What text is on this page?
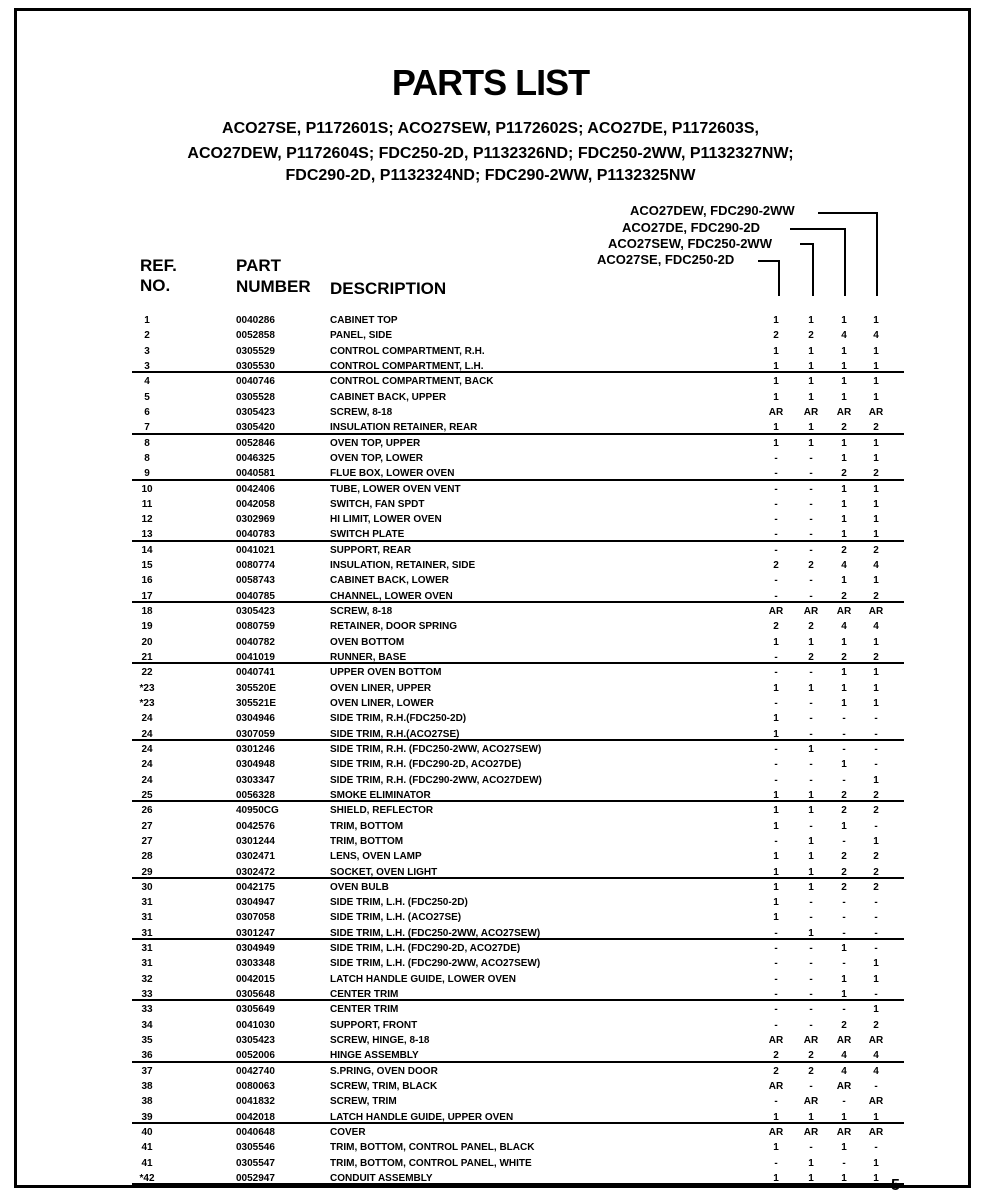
PARTS LIST
ACO27SE, P1172601S; ACO27SEW, P1172602S; ACO27DE, P1172603S,
ACO27DEW, P1172604S; FDC250-2D, P1132326ND; FDC250-2WW, P1132327NW;
FDC290-2D, P1132324ND; FDC290-2WW, P1132325NW
ACO27DEW, FDC290-2WW
ACO27DE, FDC290-2D
ACO27SEW, FDC250-2WW
ACO27SE, FDC250-2D
REF.
NO.
PART
NUMBER DESCRIPTION
1	0040286	CABINET TOP	1	1	1	1
2	0052858	PANEL, SIDE	2	2	4	4
3	0305529	CONTROL COMPARTMENT, R.H.	1	1	1	1
3	0305530	CONTROL COMPARTMENT, L.H.	1	1	1	1
4	0040746	CONTROL COMPARTMENT, BACK	1	1	1	1
5	0305528	CABINET BACK, UPPER	1	1	1	1
6	0305423	SCREW, 8-18	AR AR AR AR
7	0305420	INSULATION RETAINER, REAR	1	1	2	2
8	0052846	OVEN TOP, UPPER	1	1	1	1
8	0046325	OVEN TOP, LOWER	-	-	1	1
9	0040581	FLUE BOX, LOWER OVEN	-	-	2	2
10	0042406	TUBE, LOWER OVEN VENT	-	-	1	1
11	0042058	SWITCH, FAN SPDT	-	-	1	1
12	0302969	HI LIMIT, LOWER OVEN	-	-	1	1
13	0040783	SWITCH PLATE	-	-	1	1
14	0041021	SUPPORT, REAR	-	-	2	2
15	0080774	INSULATION, RETAINER, SIDE	2	2	4	4
16	0058743	CABINET BACK, LOWER	-	-	1	1
17	0040785	CHANNEL, LOWER OVEN	-	-	2	2
18	0305423	SCREW, 8-18	AR AR AR AR
19	0080759	RETAINER, DOOR SPRING	2	2	4	4
20	0040782	OVEN BOTTOM	1	1	1	1
21	0041019	RUNNER, BASE	-	2	2	2
22	0040741	UPPER OVEN BOTTOM	-	-	1	1
*23	305520E	OVEN LINER, UPPER	1	1	1	1
*23	305521E	OVEN LINER, LOWER	-	-	1	1
24	0304946	SIDE TRIM, R.H.(FDC250-2D)	1	-	-	-
24	0307059	SIDE TRIM, R.H.(ACO27SE)	1	-	-	-
24	0301246	SIDE TRIM, R.H. (FDC250-2WW, ACO27SEW)	-	1	-	-
24	0304948	SIDE TRIM, R.H. (FDC290-2D, ACO27DE)	-	-	1	-
24	0303347	SIDE TRIM, R.H. (FDC290-2WW, ACO27DEW)	-	-	-	1
25	0056328	SMOKE ELIMINATOR	1	1	2	2
26	40950CG	SHIELD, REFLECTOR	1	1	2	2
27	0042576	TRIM, BOTTOM	1	-	1	-
27	0301244	TRIM, BOTTOM	-	1	-	1
28	0302471	LENS, OVEN LAMP	1	1	2	2
29	0302472	SOCKET, OVEN LIGHT	1	1	2	2
30	0042175	OVEN BULB	1	1	2	2
31	0304947	SIDE TRIM, L.H. (FDC250-2D)	1	-	-	-
31	0307058	SIDE TRIM, L.H. (ACO27SE)	1	-	-	-
31	0301247	SIDE TRIM, L.H. (FDC250-2WW, ACO27SEW)	-	1	-	-
31	0304949	SIDE TRIM, L.H. (FDC290-2D, ACO27DE)	-	-	1	-
31	0303348	SIDE TRIM, L.H. (FDC290-2WW, ACO27SEW)	-	-	-	1
32	0042015	LATCH HANDLE GUIDE, LOWER OVEN	-	-	1	1
33	0305648	CENTER TRIM	-	-	1	-
33	0305649	CENTER TRIM	-	-	-	1
34	0041030	SUPPORT, FRONT	-	-	2	2
35	0305423	SCREW, HINGE, 8-18	AR AR AR AR
36	0052006	HINGE ASSEMBLY	2	2	4	4
37	0042740	S.PRING, OVEN DOOR	2	2	4	4
38	0080063	SCREW, TRIM, BLACK	AR	-	AR	-
38	0041832	SCREW, TRIM	-	AR	-	AR
39	0042018	LATCH HANDLE GUIDE, UPPER OVEN	1	1	1	1
40	0040648	COVER	AR AR AR AR
41	0305546	TRIM, BOTTOM, CONTROL PANEL, BLACK	1	-	1	-
41	0305547	TRIM, BOTTOM, CONTROL PANEL, WHITE	-	1	-	1
*42	0052947	CONDUIT ASSEMBLY	1	1	1	1 5
